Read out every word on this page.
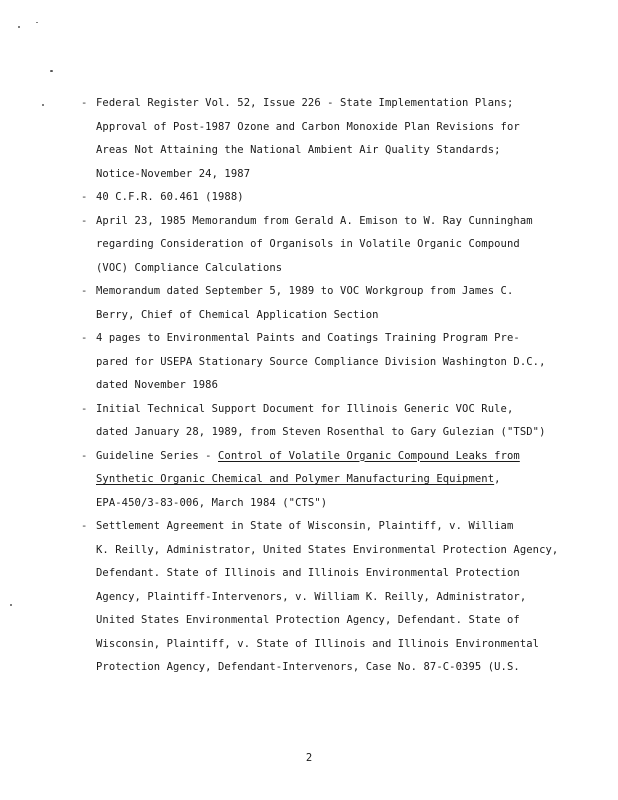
- Federal Register Vol. 52, Issue 226 - State Implementation Plans;
Approval of Post-1987 Ozone and Carbon Monoxide Plan Revisions for
Areas Not Attaining the National Ambient Air Quality Standards;
Notice-November 24, 1987
- 40 C.F.R. 60.461 (1988)
- April 23, 1985 Memorandum from Gerald A. Emison to W. Ray Cunningham
regarding Consideration of Organisols in Volatile Organic Compound
(VOC) Compliance Calculations
- Memorandum dated September 5, 1989 to VOC Workgroup from James C.
Berry, Chief of Chemical Application Section
- 4 pages to Environmental Paints and Coatings Training Program Pre-
pared for USEPA Stationary Source Compliance Division Washington D.C.,
dated November 1986
- Initial Technical Support Document for Illinois Generic VOC Rule,
dated January 28, 1989, from Steven Rosenthal to Gary Gulezian ("TSD")
- Guideline Series - Control of Volatile Organic Compound Leaks from
Synthetic Organic Chemical and Polymer Manufacturing Equipment,
EPA-450/3-83-006, March 1984 ("CTS")
- Settlement Agreement in State of Wisconsin, Plaintiff, v. William
K. Reilly, Administrator, United States Environmental Protection Agency,
Defendant. State of Illinois and Illinois Environmental Protection
Agency, Plaintiff-Intervenors, v. William K. Reilly, Administrator,
United States Environmental Protection Agency, Defendant. State of
Wisconsin, Plaintiff, v. State of Illinois and Illinois Environmental
Protection Agency, Defendant-Intervenors, Case No. 87-C-0395 (U.S.
2
